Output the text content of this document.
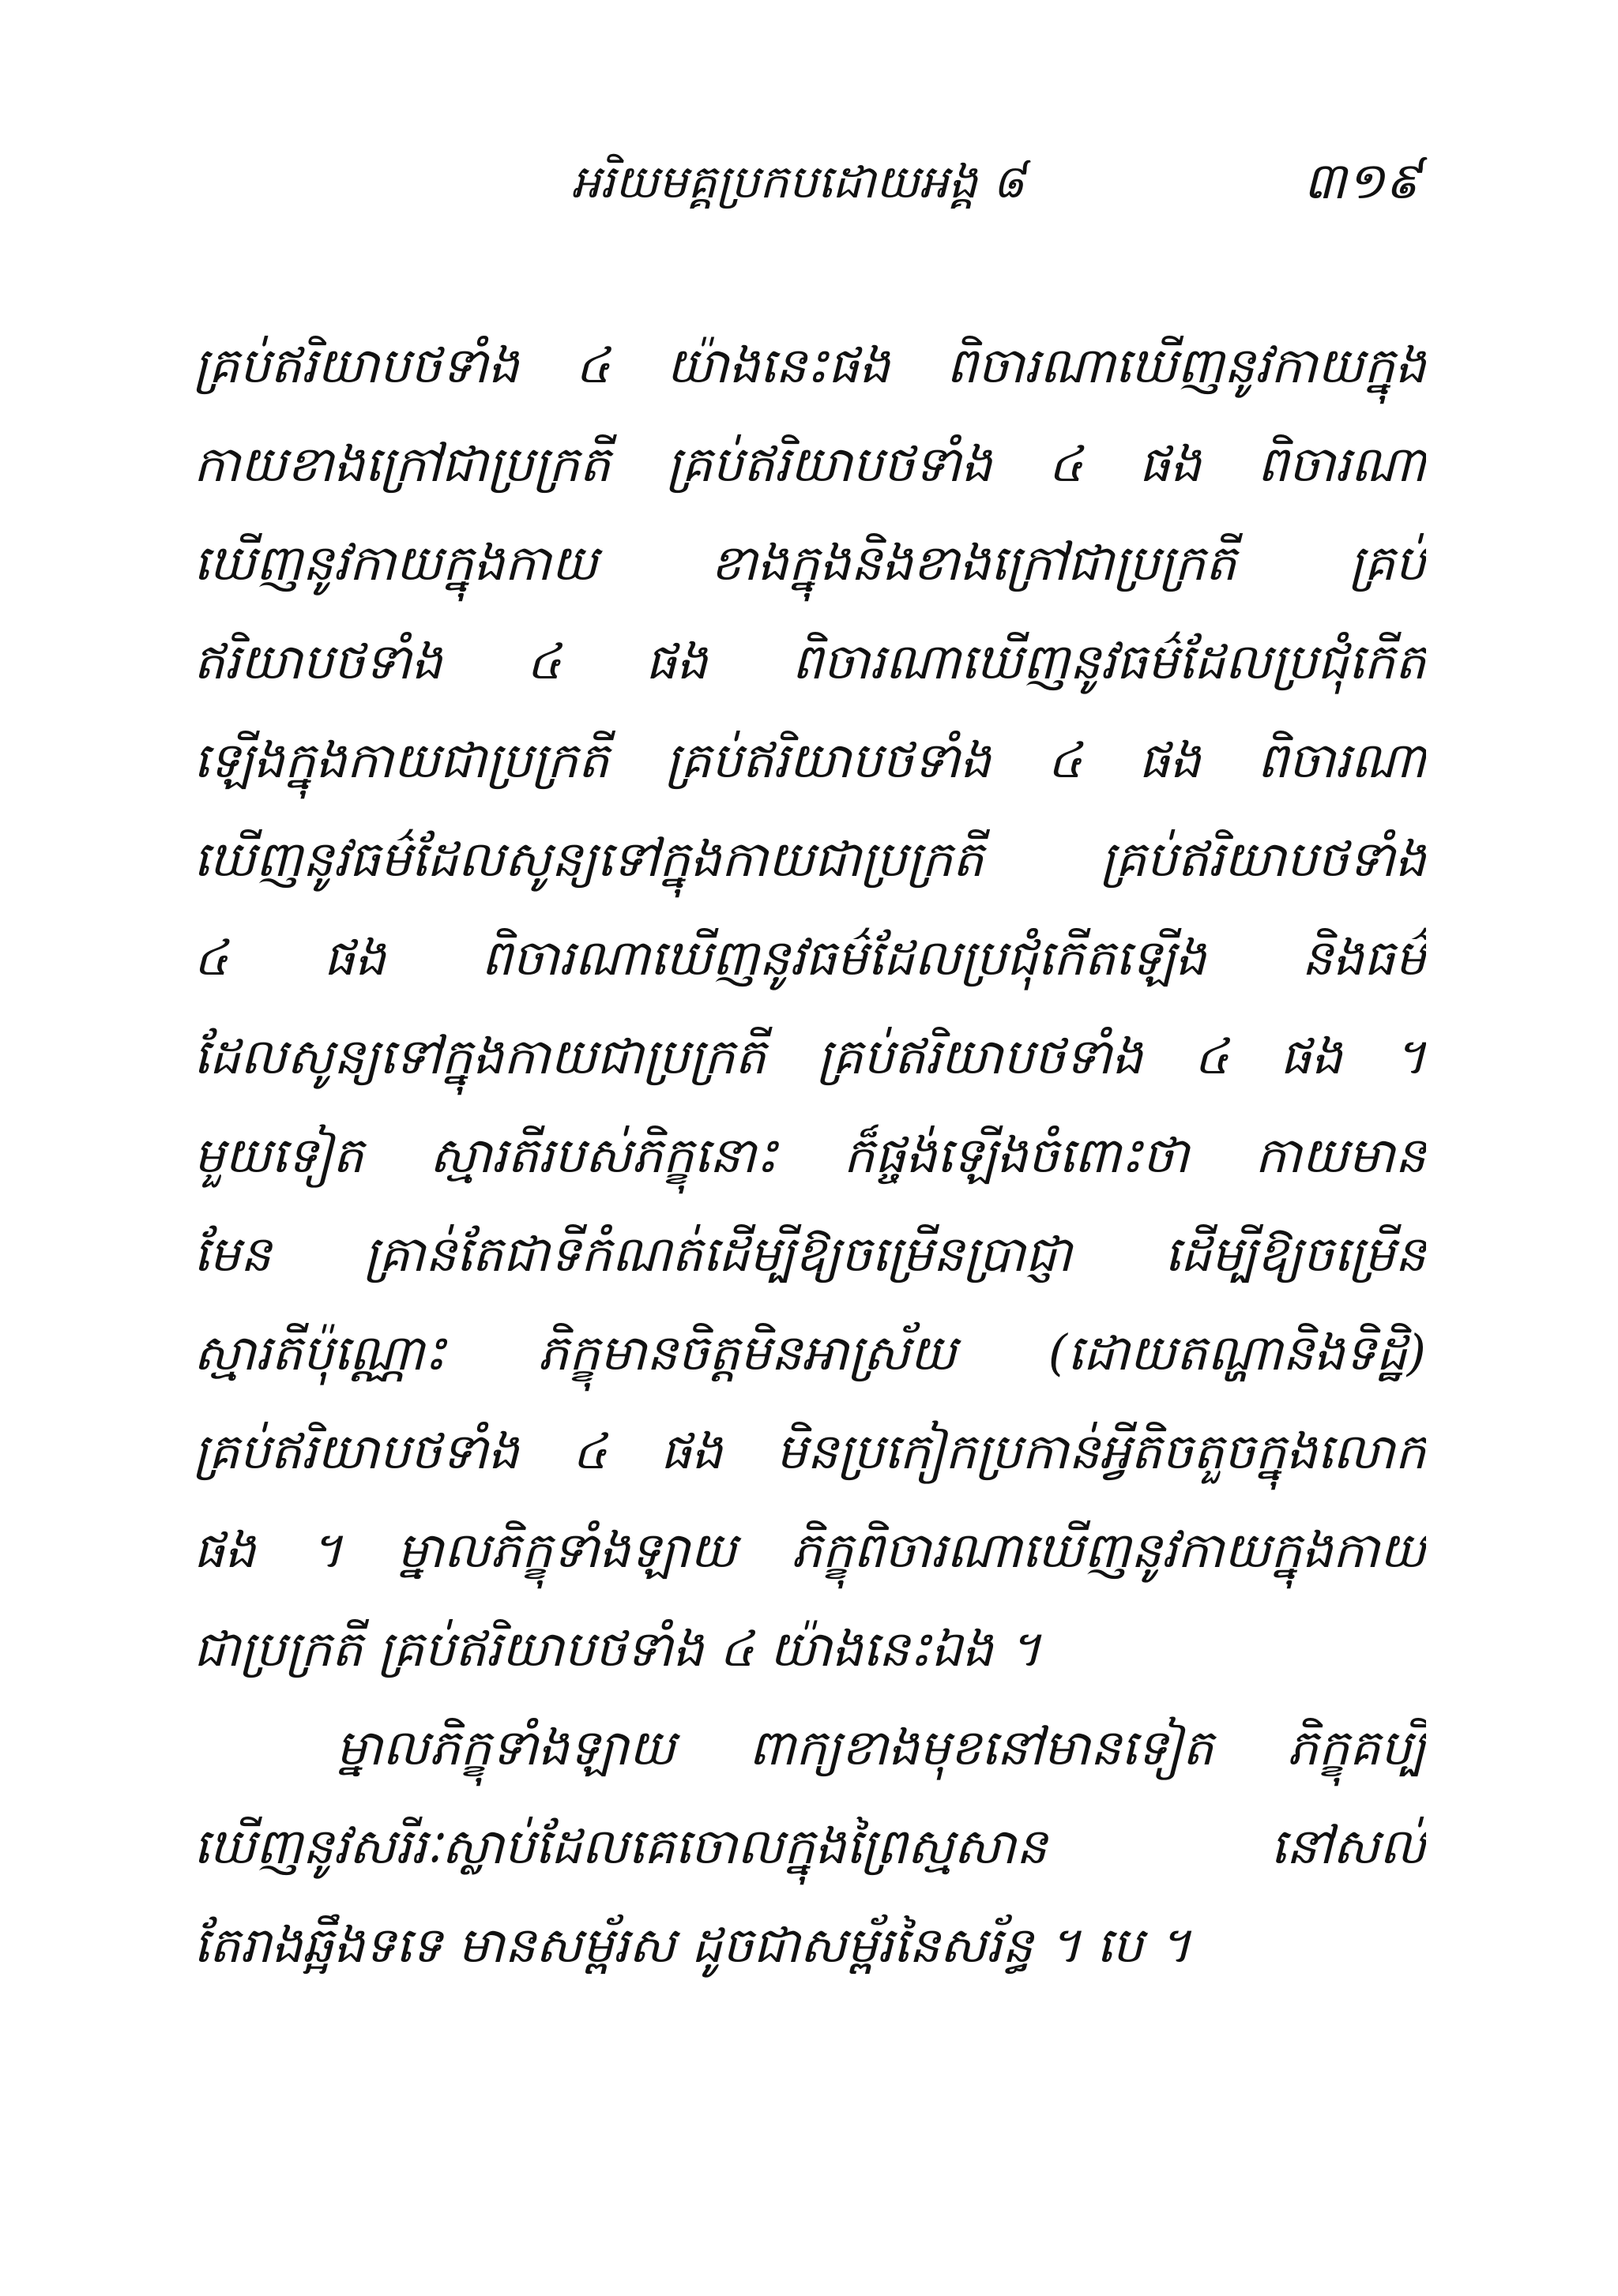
អរិយមគ្គប្រកបដោយអង្គ ៨	៣១៩
គ្រប់ឥរិយាបថទាំង ៤ យ៉ាងនេះផង ពិចារណាឃើញនូវកាយក្នុង
កាយខាងក្រៅជាប្រក្រតី គ្រប់ឥរិយាបថទាំង ៤ ផង ពិចារណា
ឃើញនូវកាយក្នុងកាយ ខាងក្នុងនិងខាងក្រៅជាប្រក្រតី គ្រប់
ឥរិយាបថទាំង ៤ ផង ពិចារណាឃើញនូវធម៌ដែលប្រជុំកើត
ឡើងក្នុងកាយជាប្រក្រតី គ្រប់ឥរិយាបថទាំង ៤ ផង ពិចារណា
ឃើញនូវធម៌ដែលសូន្យទៅក្នុងកាយជាប្រក្រតី គ្រប់ឥរិយាបថទាំង
៤ ផង ពិចារណាឃើញនូវធម៌ដែលប្រជុំកើតឡើង និងធម៌
ដែលសូន្យទៅក្នុងកាយជាប្រក្រតី គ្រប់ឥរិយាបថទាំង ៤ ផង ។
មួយទៀត ស្មារតីរបស់ភិក្ខុនោះ ក៏ផ្ចង់ឡើងចំពោះថា កាយមាន
មែន គ្រាន់តែជាទីកំណត់ដើម្បីឱ្យចម្រើនប្រាជ្ញា ដើម្បីឱ្យចម្រើន
ស្មារតីប៉ុណ្ណោះ ភិក្ខុមានចិត្តមិនអាស្រ័យ (ដោយតណ្ហានិងទិដ្ឋិ)
គ្រប់ឥរិយាបថទាំង ៤ ផង មិនប្រកៀកប្រកាន់អ្វីតិចតួចក្នុងលោក
ផង ។ ម្នាលភិក្ខុទាំងឡាយ ភិក្ខុពិចារណាឃើញនូវកាយក្នុងកាយ
ជាប្រក្រតី គ្រប់ឥរិយាបថទាំង ៤ យ៉ាងនេះឯង ។
ម្នាលភិក្ខុទាំងឡាយ ពាក្យខាងមុខនៅមានទៀត ភិក្ខុគប្បី
ឃើញនូវសរីរៈស្លាប់ដែលគេចោលក្នុងព្រៃស្មសាន នៅសល់
តែរាងឆ្អឹងទទេ មានសម្ព័រស ដូចជាសម្ព័រនៃសរ័ន្ធ ។ បេ ។
